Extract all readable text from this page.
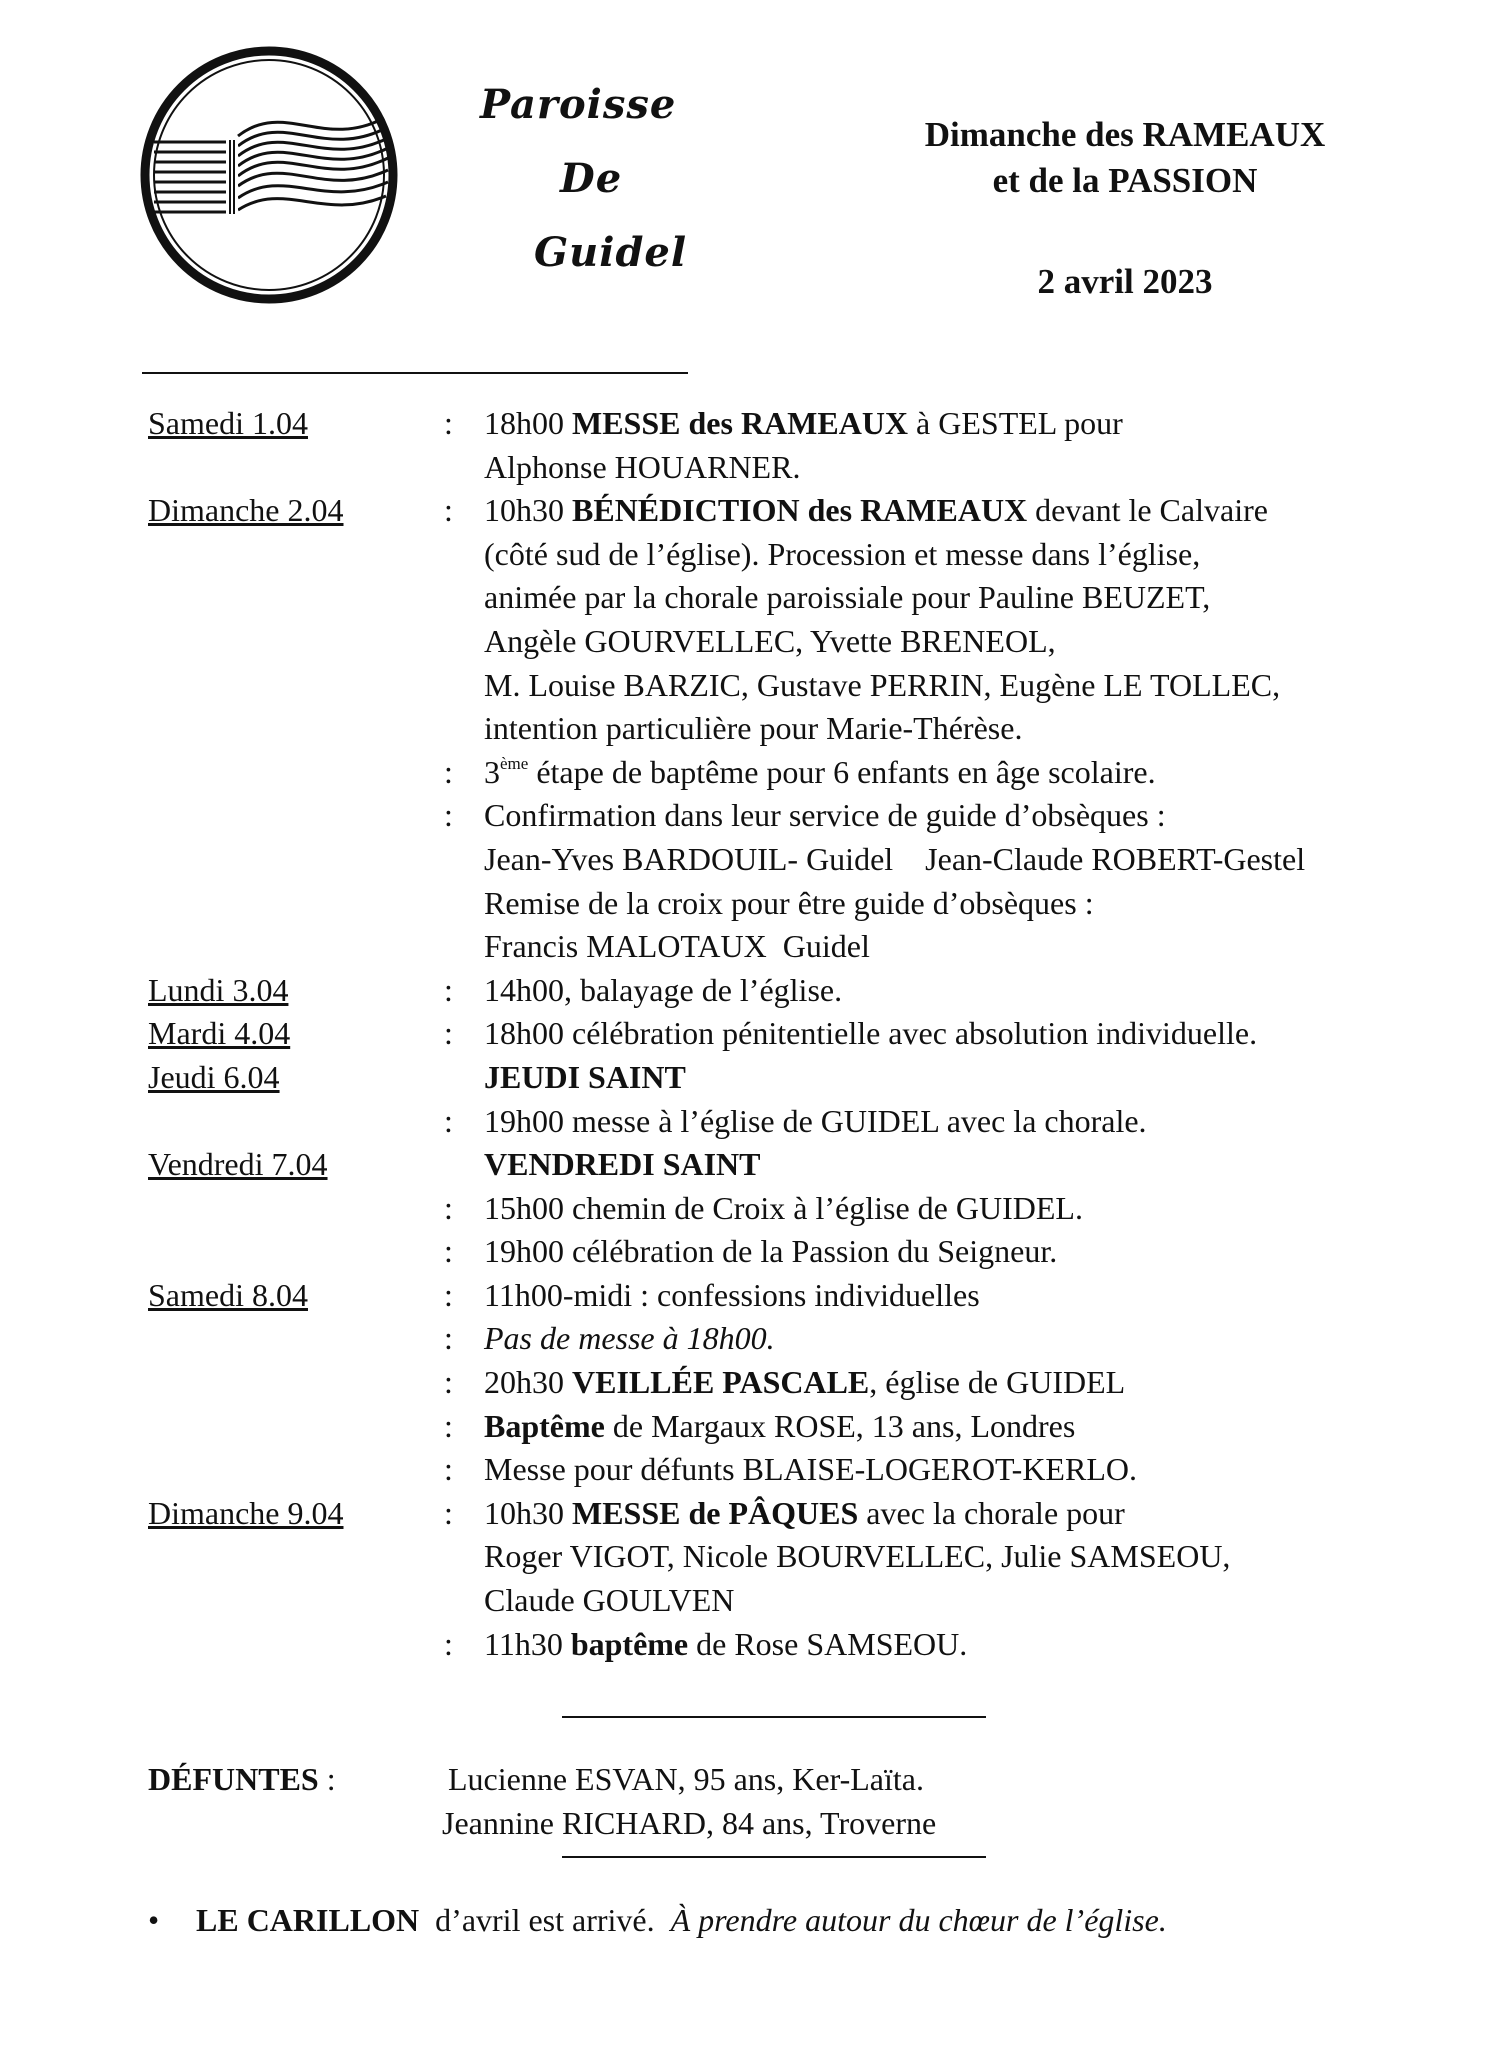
Paroisse
De
Guidel
Dimanche des RAMEAUX
et de la PASSION
2 avril 2023
Samedi 1.04	: 18h00 MESSE des RAMEAUX à GESTEL pour
Alphonse HOUARNER.
Dimanche 2.04	: 10h30 BÉNÉDICTION des RAMEAUX devant le Calvaire
(côté sud de l’église). Procession et messe dans l’église,
animée par la chorale paroissiale pour Pauline BEUZET,
Angèle GOURVELLEC, Yvette BRENEOL,
M. Louise BARZIC, Gustave PERRIN, Eugène LE TOLLEC,
intention particulière pour Marie-Thérèse.
: 3ème étape de baptême pour 6 enfants en âge scolaire.
: Confirmation dans leur service de guide d’obsèques :
Jean-Yves BARDOUIL- Guidel    Jean-Claude ROBERT-Gestel
Remise de la croix pour être guide d’obsèques :
Francis MALOTAUX  Guidel
Lundi 3.04	: 14h00, balayage de l’église.
Mardi 4.04	: 18h00 célébration pénitentielle avec absolution individuelle.
Jeudi 6.04	JEUDI SAINT
: 19h00 messe à l’église de GUIDEL avec la chorale.
Vendredi 7.04	VENDREDI SAINT
: 15h00 chemin de Croix à l’église de GUIDEL.
: 19h00 célébration de la Passion du Seigneur.
Samedi 8.04	: 11h00-midi : confessions individuelles
: Pas de messe à 18h00.
: 20h30 VEILLÉE PASCALE, église de GUIDEL
: Baptême de Margaux ROSE, 13 ans, Londres
: Messe pour défunts BLAISE-LOGEROT-KERLO.
Dimanche 9.04	: 10h30 MESSE de PÂQUES avec la chorale pour
Roger VIGOT, Nicole BOURVELLEC, Julie SAMSEOU,
Claude GOULVEN
: 11h30 baptême de Rose SAMSEOU.
DÉFUNTES :	Lucienne ESVAN, 95 ans, Ker-Laïta.
Jeannine RICHARD, 84 ans, Troverne
• LE CARILLON  d’avril est arrivé.  À prendre autour du chœur de l’église.
